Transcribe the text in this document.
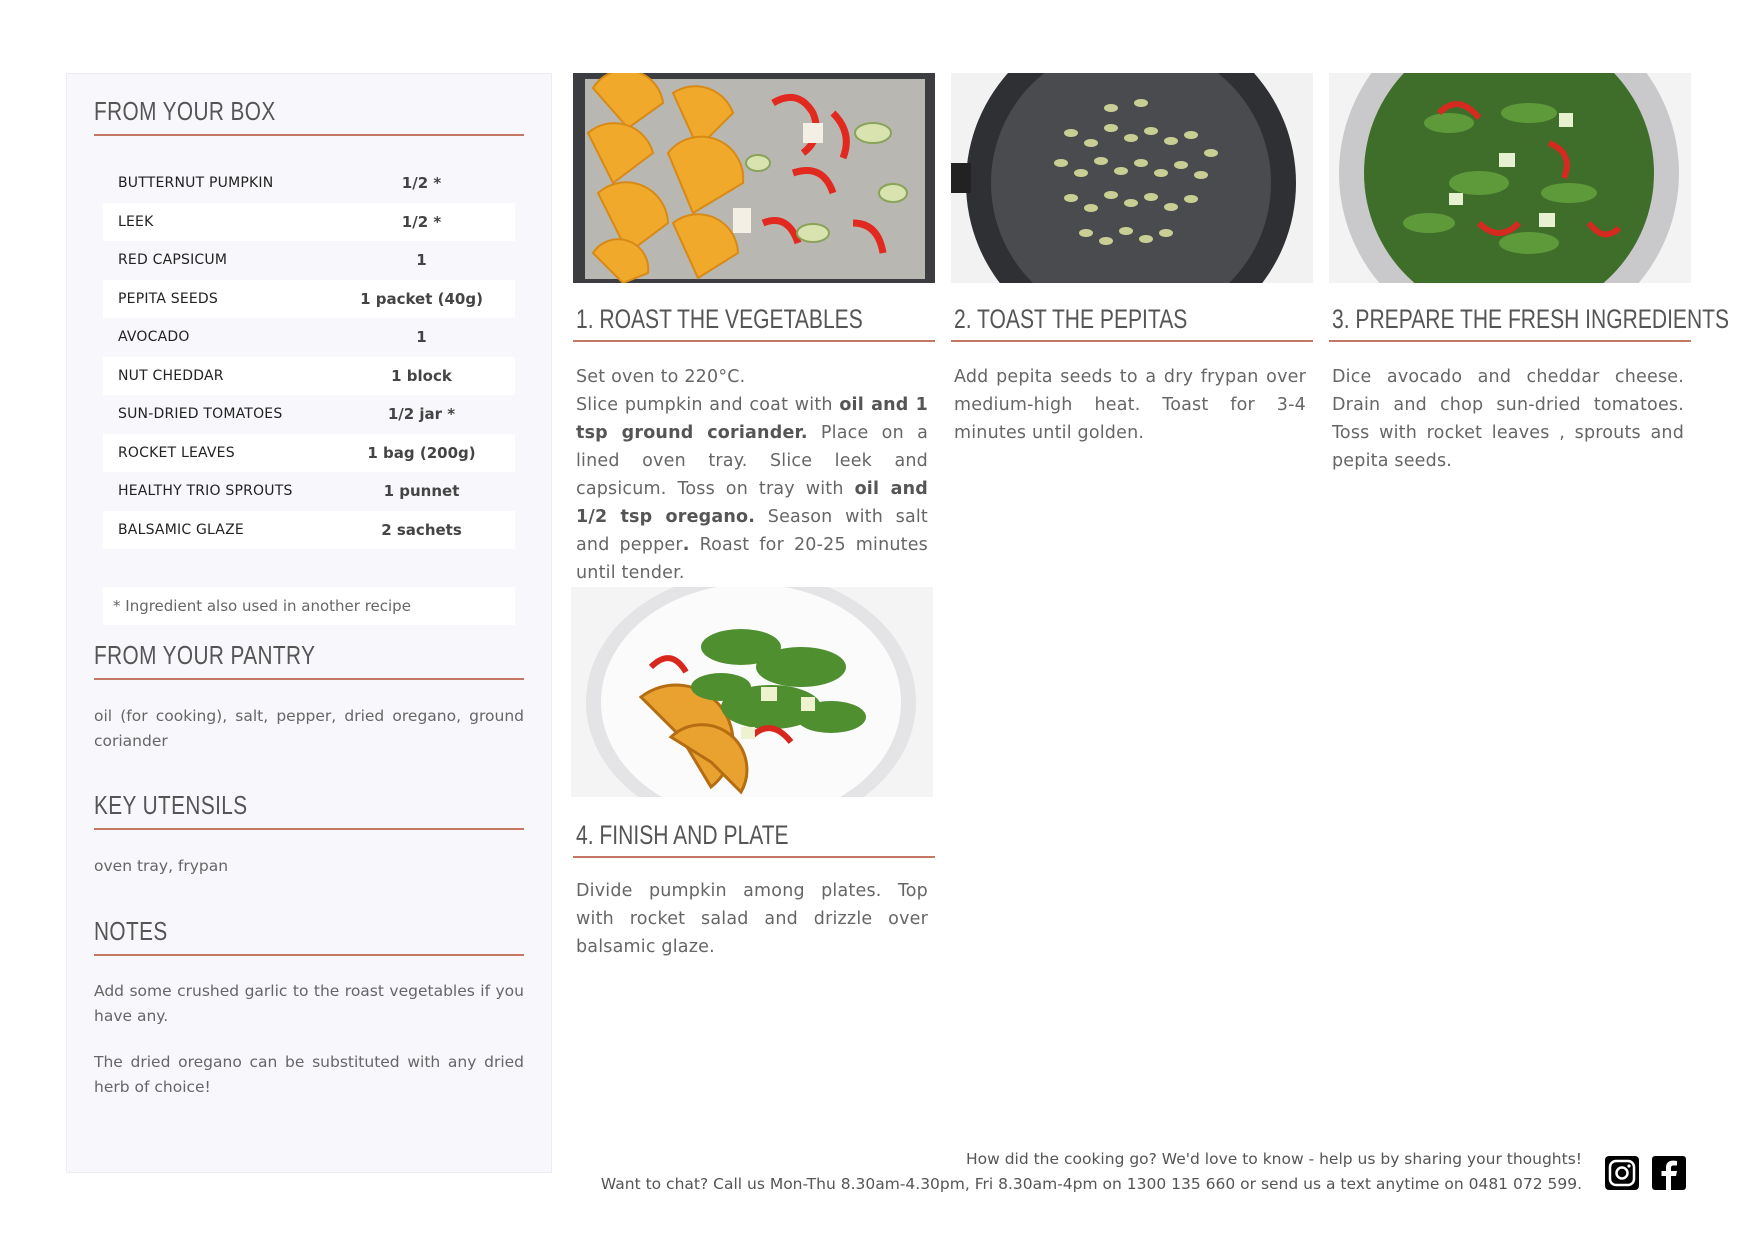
FROM YOUR BOX
BUTTERNUT PUMPKIN	1/2 *
LEEK	1/2 *
RED CAPSICUM	1
PEPITA SEEDS	1 packet (40g)
AVOCADO	1
NUT CHEDDAR	1 block
SUN-DRIED TOMATOES	1/2 jar *
ROCKET LEAVES	1 bag (200g)
HEALTHY TRIO SPROUTS	1 punnet
BALSAMIC GLAZE	2 sachets
* Ingredient also used in another recipe
FROM YOUR PANTRY
oil (for cooking), salt, pepper, dried oregano, ground coriander
KEY UTENSILS
oven tray, frypan
NOTES
Add some crushed garlic to the roast vegetables if you have any.
The dried oregano can be substituted with any dried herb of choice!
1. ROAST THE VEGETABLES	2. TOAST THE PEPITAS	3. PREPARE THE FRESH INGREDIENTS
Set oven to 220°C.
Slice pumpkin and coat with oil and 1 tsp ground coriander. Place on a lined oven tray. Slice leek and capsicum. Toss on tray with oil and 1/2 tsp oregano. Season with salt and pepper. Roast for 20-25 minutes until tender.
Add pepita seeds to a dry frypan over medium-high heat. Toast for 3-4 minutes until golden.
Dice avocado and cheddar cheese. Drain and chop sun-dried tomatoes. Toss with rocket leaves , sprouts and pepita seeds.
4. FINISH AND PLATE
Divide pumpkin among plates. Top with rocket salad and drizzle over balsamic glaze.
How did the cooking go? We'd love to know - help us by sharing your thoughts!
Want to chat? Call us Mon-Thu 8.30am-4.30pm, Fri 8.30am-4pm on 1300 135 660 or send us a text anytime on 0481 072 599.
